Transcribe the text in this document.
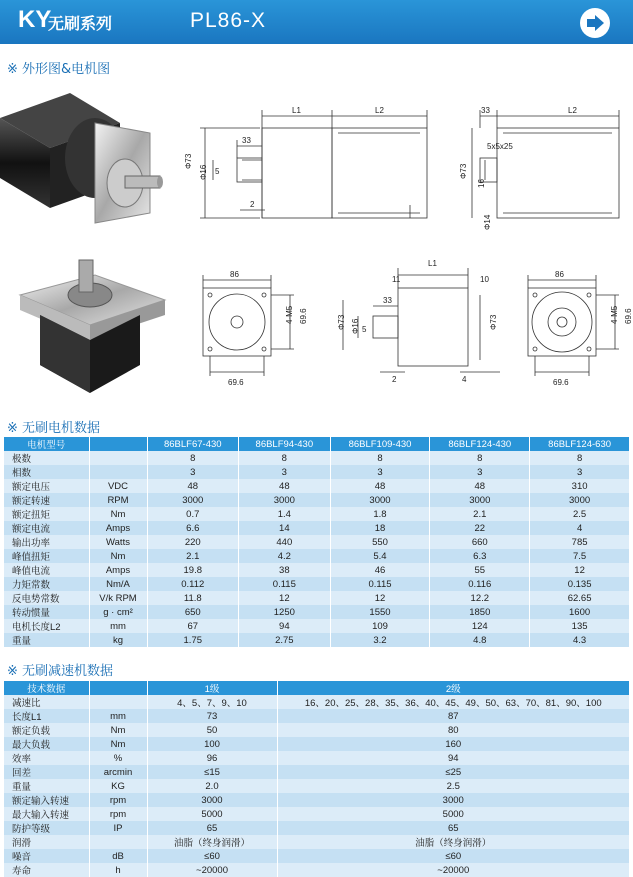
KY
无刷系列	PL86-X
※ 外形图&电机图
L1	L2
33
5
Φ73
Φ16
2
33	L2
5x5x25
Φ73
16
Φ14
86
4-M5 69.6
69.6
L1
11	10
33
5
Φ73	Φ73
Φ16
2	4
86
4-M5 69.6
69.6
※ 无刷电机数据
电机型号		86BLF67-430	86BLF94-430	86BLF109-430	86BLF124-430	86BLF124-630
极数		8	8	8	8	8
相数		3	3	3	3	3
额定电压	VDC	48	48	48	48	310
额定转速	RPM	3000	3000	3000	3000	3000
额定扭矩	Nm	0.7	1.4	1.8	2.1	2.5
额定电流	Amps	6.6	14	18	22	4
输出功率	Watts	220	440	550	660	785
峰值扭矩	Nm	2.1	4.2	5.4	6.3	7.5
峰值电流	Amps	19.8	38	46	55	12
力矩常数	Nm/A	0.112	0.115	0.115	0.116	0.135
反电势常数	V/k RPM	11.8	12	12	12.2	62.65
转动惯量	g · cm²	650	1250	1550	1850	1600
电机长度L2	mm	67	94	109	124	135
重量	kg	1.75	2.75	3.2	4.8	4.3
※ 无刷减速机数据
技术数据		1级	2级
减速比		4、5、7、9、10	16、20、25、28、35、36、40、45、49、50、63、70、81、90、100
长度L1	mm	73	87
额定负载	Nm	50	80
最大负载	Nm	100	160
效率	%	96	94
回差	arcmin	≤15	≤25
重量	KG	2.0	2.5
额定输入转速	rpm	3000	3000
最大输入转速	rpm	5000	5000
防护等级	IP	65	65
润滑		油脂（终身润滑）	油脂（终身润滑）
噪音	dB	≤60	≤60
寿命	h	~20000	~20000
